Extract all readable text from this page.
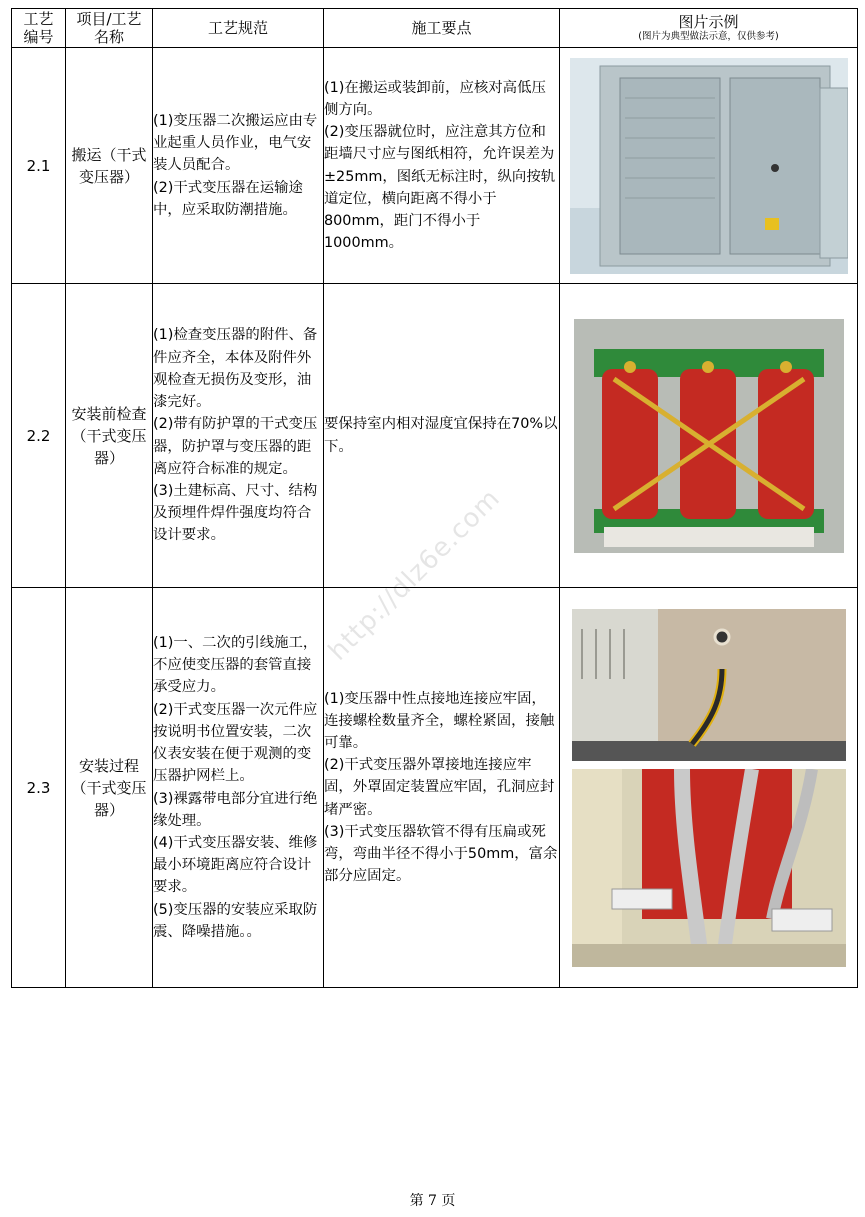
工艺编号	项目/工艺名称	工艺规范	施工要点	图片示例
(图片为典型做法示意，仅供参考)

2.1	搬运（干式变压器）	(1)变压器二次搬运应由专业起重人员作业，电气安装人员配合。
(2)干式变压器在运输途中，应采取防潮措施。	(1)在搬运或装卸前，应核对高低压侧方向。
(2)变压器就位时，应注意其方位和距墙尺寸应与图纸相符，允许误差为±25mm，图纸无标注时，纵向按轨道定位，横向距离不得小于800mm，距门不得小于1000mm。

2.2	安装前检查（干式变压器）	(1)检查变压器的附件、备件应齐全，本体及附件外观检查无损伤及变形，油漆完好。
(2)带有防护罩的干式变压器，防护罩与变压器的距离应符合标准的规定。
(3)土建标高、尺寸、结构及预埋件焊件强度均符合设计要求。	要保持室内相对湿度宜保持在70%以下。

2.3	安装过程（干式变压器）	(1)一、二次的引线施工，不应使变压器的套管直接承受应力。
(2)干式变压器一次元件应按说明书位置安装，二次仪表安装在便于观测的变压器护网栏上。
(3)裸露带电部分宜进行绝缘处理。
(4)干式变压器安装、维修最小环境距离应符合设计要求。
(5)变压器的安装应采取防震、降噪措施。。	(1)变压器中性点接地连接应牢固，连接螺栓数量齐全，螺栓紧固，接触可靠。
(2)干式变压器外罩接地连接应牢固，外罩固定装置应牢固，孔洞应封堵严密。
(3)干式变压器软管不得有压扁或死弯，弯曲半径不得小于50mm，富余部分应固定。

http://dlz6e.com
第 7 页
